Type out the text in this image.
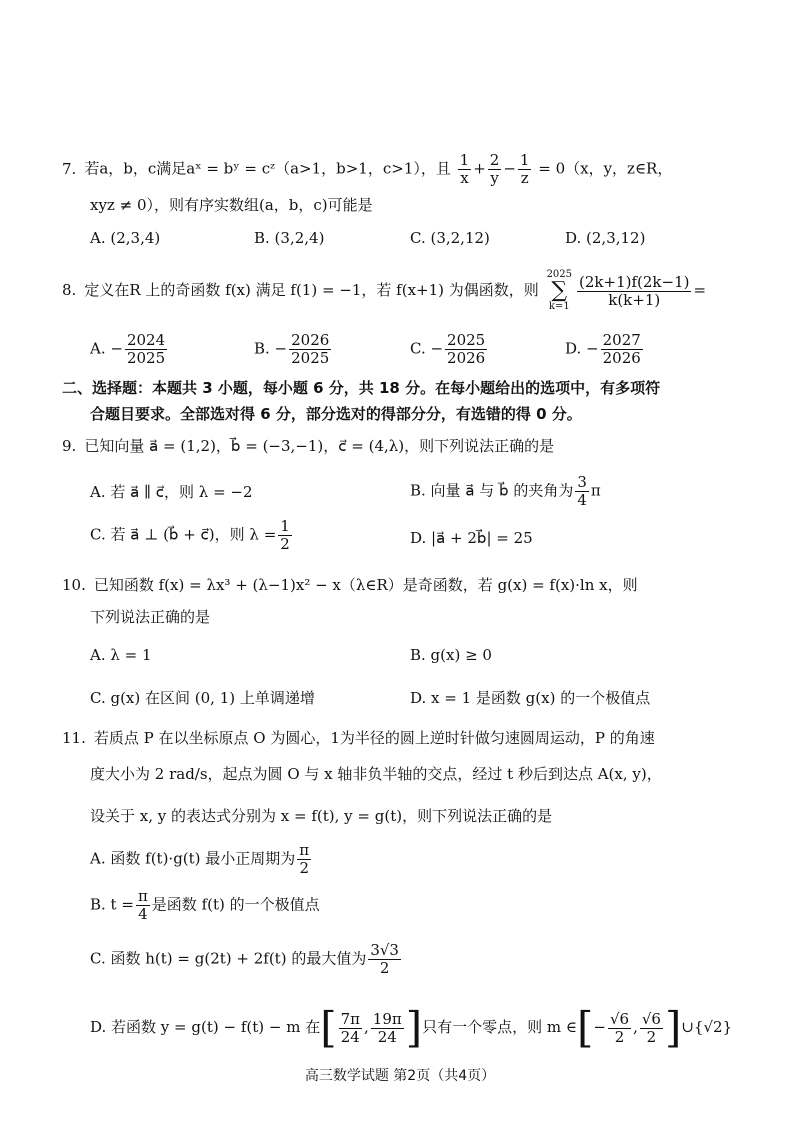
7. 若a，b，c满足aˣ = bʸ = cᶻ（a>1，b>1，c>1），且 $\frac{1}{x} + \frac{2}{y} - \frac{1}{z} = 0(x$，y，z∈R，
xyz ≠ 0），则有序实数组(a，b，c)可能是
A. (2,3,4)	B. (3,2,4)	C. (3,2,12)	D. (2,3,12)
8. 定义在R 上的奇函数 f(x) 满足 f(1) = −1，若 f(x+1) 为偶函数，则
2025
∑
$k=1 \frac{(2k+1)f(2k-1)}{k(k+1)}$ =
A. − $\frac{2024}{2025}$	B. − $\frac{2026}{2025}$	C. − $\frac{2025}{2026}$	D. − $\frac{2027}{2026}$
二、选择题：本题共 3 小题，每小题 6 分，共 18 分。在每小题给出的选项中，有多项符
合题目要求。全部选对得 6 分，部分选对的得部分分，有选错的得 0 分。
9. 已知向量 a⃗ = (1,2)，b⃗ = (−3,−1)，c⃗ = (4,λ)，则下列说法正确的是
A. 若 a⃗ ∥ c⃗，则 λ = −2	B. 向量 a⃗ 与 b⃗ 的夹角为 $\frac{3}{4}$ π
C. 若 a⃗ ⊥ (b⃗ + c⃗)，则 $\lambda = \frac{1}{2}$	D. |a⃗ + 2b⃗| = 25
10. 已知函数 f(x) = λx³ + (λ−1)x² − x（λ∈R）是奇函数，若 g(x) = f(x)·ln x，则
下列说法正确的是
A. λ = 1	B. g(x) ≥ 0
C. g(x) 在区间 (0, 1) 上单调递增	D. x = 1 是函数 g(x) 的一个极值点
11. 若质点 P 在以坐标原点 O 为圆心，1为半径的圆上逆时针做匀速圆周运动，P 的角速
度大小为 2 rad/s，起点为圆 O 与 x 轴非负半轴的交点，经过 t 秒后到达点 A(x, y)，
设关于 x, y 的表达式分别为 x = f(t), y = g(t)，则下列说法正确的是
A. 函数 f(t)·g(t) 最小正周期为 $\frac{\pi}{2}$
B. $t = \frac{\pi}{4}$ 是函数 f(t) 的一个极值点
C. 函数 h(t) = g(2t) + 2f(t) 的最大值为 $\frac{3√3}{2}$
D. 若函数 y = g(t) − f(t) − m 在[ $\frac{7\pi}{24}$ , $\frac{19\pi}{24}$ ]只有一个零点，则 m ∈[− $\frac{√6}{2}$ , $\frac{√6}{2}$ ]∪{√2}
高三数学试题 第2页（共4页）
